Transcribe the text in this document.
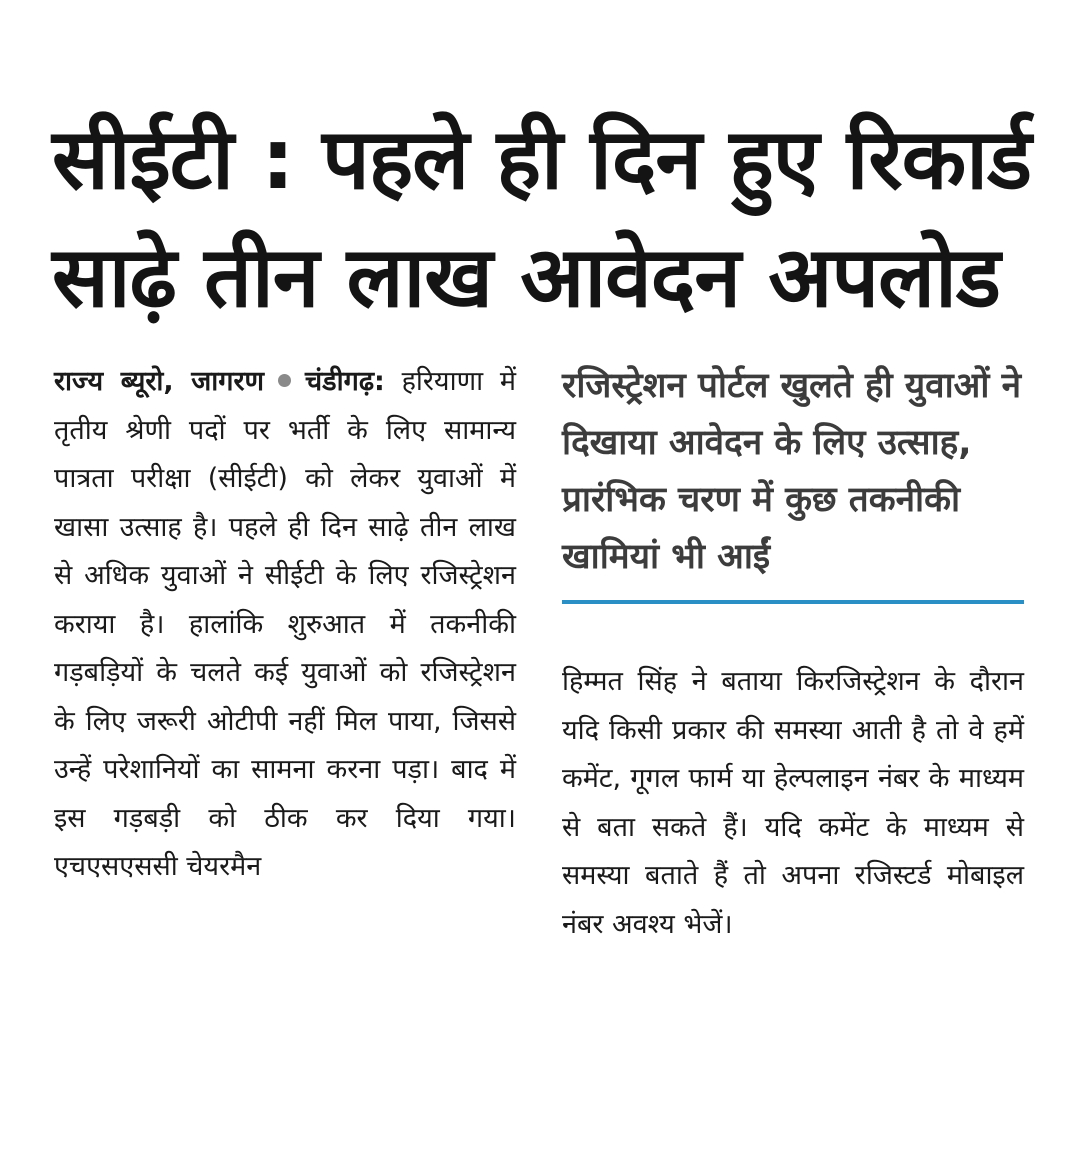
सीईटी : पहले ही दिन हुए रिकार्ड
साढ़े तीन लाख आवेदन अपलोड

राज्य ब्यूरो, जागरण चंडीगढ़: हरियाणा में तृतीय श्रेणी पदों पर भर्ती के लिए सामान्य पात्रता परीक्षा (सीईटी) को लेकर युवाओं में खासा उत्साह है। पहले ही दिन साढ़े तीन लाख से अधिक युवाओं ने सीईटी के लिए रजिस्ट्रेशन कराया है। हालांकि शुरुआत में तकनीकी गड़बड़ियों के चलते कई युवाओं को रजिस्ट्रेशन के लिए जरूरी ओटीपी नहीं मिल पाया, जिससे उन्हें परेशानियों का सामना करना पड़ा। बाद में इस गड़बड़ी को ठीक कर दिया गया। एचएसएससी चेयरमैन

रजिस्ट्रेशन पोर्टल खुलते ही युवाओं ने दिखाया आवेदन के लिए उत्साह, प्रारंभिक चरण में कुछ तकनीकी खामियां भी आईं

हिम्मत सिंह ने बताया किरजिस्ट्रेशन के दौरान यदि किसी प्रकार की समस्या आती है तो वे हमें कमेंट, गूगल फार्म या हेल्पलाइन नंबर के माध्यम से बता सकते हैं। यदि कमेंट के माध्यम से समस्या बताते हैं तो अपना रजिस्टर्ड मोबाइल नंबर अवश्य भेजें।
